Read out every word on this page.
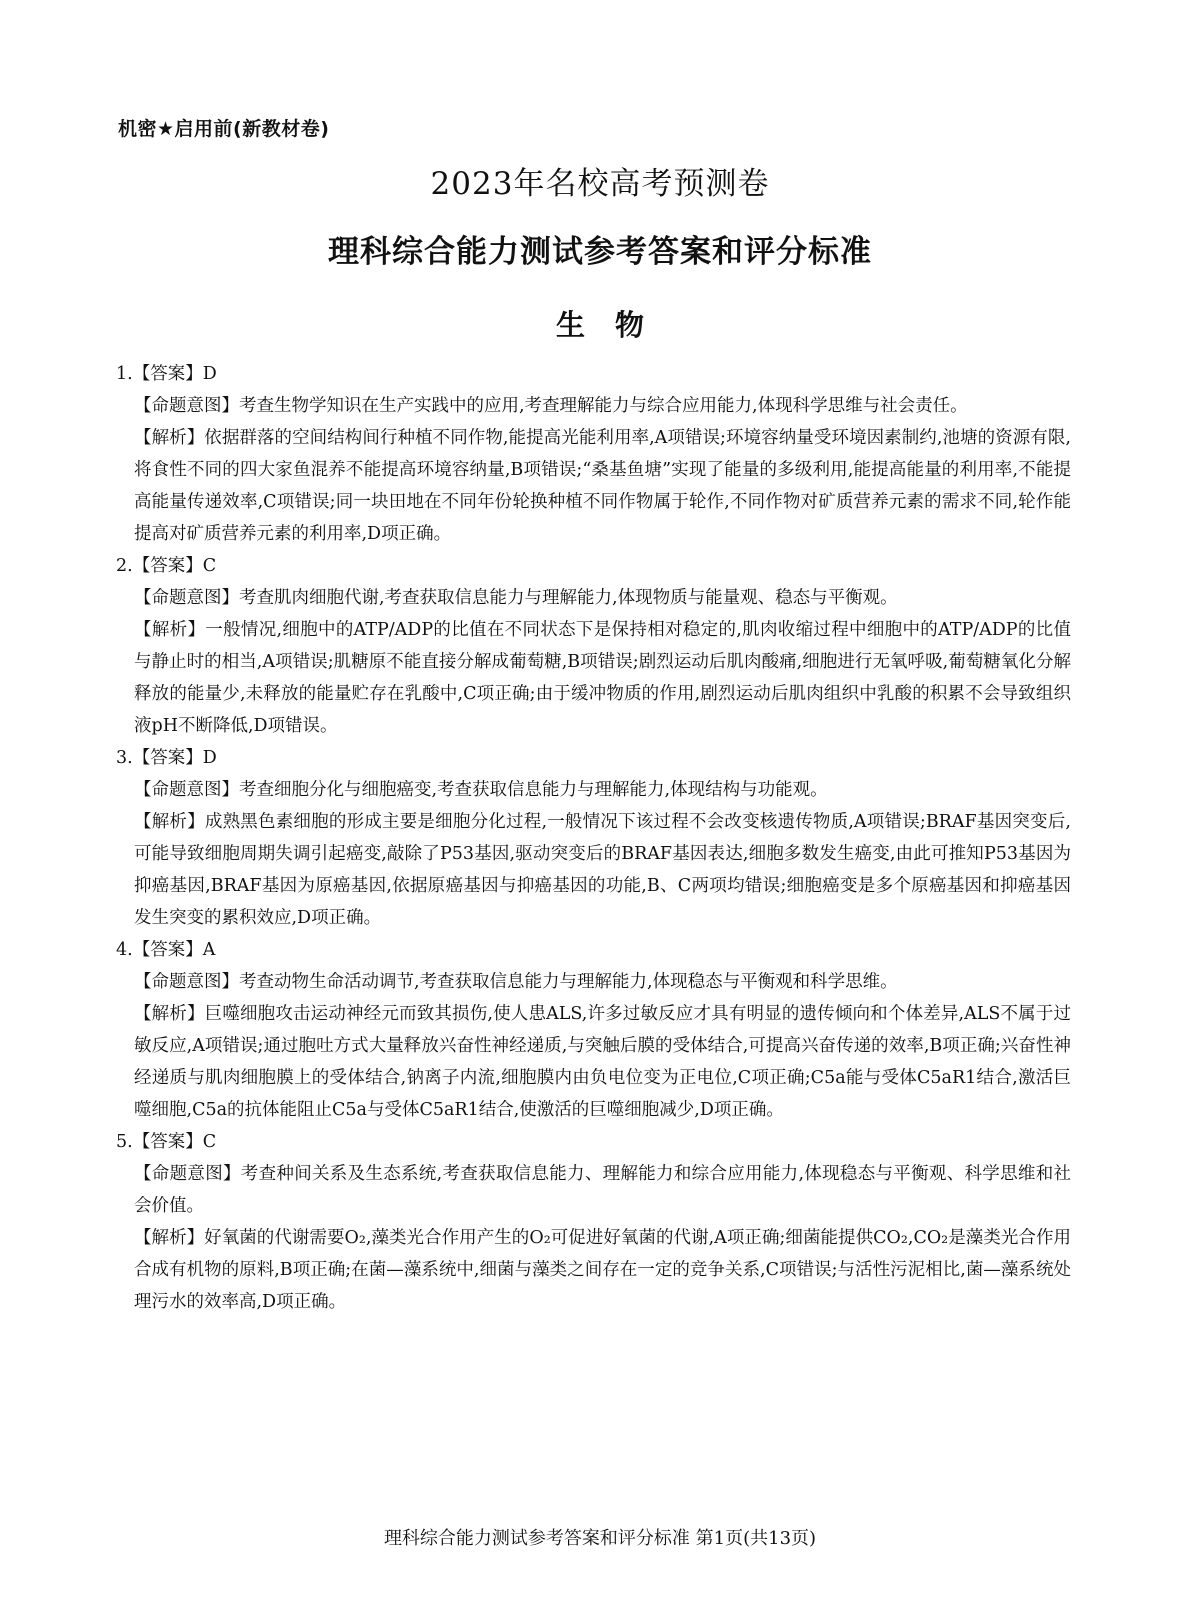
机密★启用前(新教材卷)
2023年名校高考预测卷
理科综合能力测试参考答案和评分标准
生物

1.【答案】D

【命题意图】考查生物学知识在生产实践中的应用,考查理解能力与综合应用能力,体现科学思维与社会责任。

【解析】依据群落的空间结构间行种植不同作物,能提高光能利用率,A项错误;环境容纳量受环境因素制约,池塘的资源有限,将食性不同的四大家鱼混养不能提高环境容纳量,B项错误;“桑基鱼塘”实现了能量的多级利用,能提高能量的利用率,不能提高能量传递效率,C项错误;同一块田地在不同年份轮换种植不同作物属于轮作,不同作物对矿质营养元素的需求不同,轮作能提高对矿质营养元素的利用率,D项正确。

2.【答案】C

【命题意图】考查肌肉细胞代谢,考查获取信息能力与理解能力,体现物质与能量观、稳态与平衡观。

【解析】一般情况,细胞中的ATP/ADP的比值在不同状态下是保持相对稳定的,肌肉收缩过程中细胞中的ATP/ADP的比值与静止时的相当,A项错误;肌糖原不能直接分解成葡萄糖,B项错误;剧烈运动后肌肉酸痛,细胞进行无氧呼吸,葡萄糖氧化分解释放的能量少,未释放的能量贮存在乳酸中,C项正确;由于缓冲物质的作用,剧烈运动后肌肉组织中乳酸的积累不会导致组织液pH不断降低,D项错误。

3.【答案】D

【命题意图】考查细胞分化与细胞癌变,考查获取信息能力与理解能力,体现结构与功能观。

【解析】成熟黑色素细胞的形成主要是细胞分化过程,一般情况下该过程不会改变核遗传物质,A项错误;BRAF基因突变后,可能导致细胞周期失调引起癌变,敲除了P53基因,驱动突变后的BRAF基因表达,细胞多数发生癌变,由此可推知P53基因为抑癌基因,BRAF基因为原癌基因,依据原癌基因与抑癌基因的功能,B、C两项均错误;细胞癌变是多个原癌基因和抑癌基因发生突变的累积效应,D项正确。

4.【答案】A

【命题意图】考查动物生命活动调节,考查获取信息能力与理解能力,体现稳态与平衡观和科学思维。

【解析】巨噬细胞攻击运动神经元而致其损伤,使人患ALS,许多过敏反应才具有明显的遗传倾向和个体差异,ALS不属于过敏反应,A项错误;通过胞吐方式大量释放兴奋性神经递质,与突触后膜的受体结合,可提高兴奋传递的效率,B项正确;兴奋性神经递质与肌肉细胞膜上的受体结合,钠离子内流,细胞膜内由负电位变为正电位,C项正确;C5a能与受体C5aR1结合,激活巨噬细胞,C5a的抗体能阻止C5a与受体C5aR1结合,使激活的巨噬细胞减少,D项正确。

5.【答案】C

【命题意图】考查种间关系及生态系统,考查获取信息能力、理解能力和综合应用能力,体现稳态与平衡观、科学思维和社会价值。

【解析】好氧菌的代谢需要O₂,藻类光合作用产生的O₂可促进好氧菌的代谢,A项正确;细菌能提供CO₂,CO₂是藻类光合作用合成有机物的原料,B项正确;在菌—藻系统中,细菌与藻类之间存在一定的竞争关系,C项错误;与活性污泥相比,菌—藻系统处理污水的效率高,D项正确。

理科综合能力测试参考答案和评分标准 第1页(共13页)
